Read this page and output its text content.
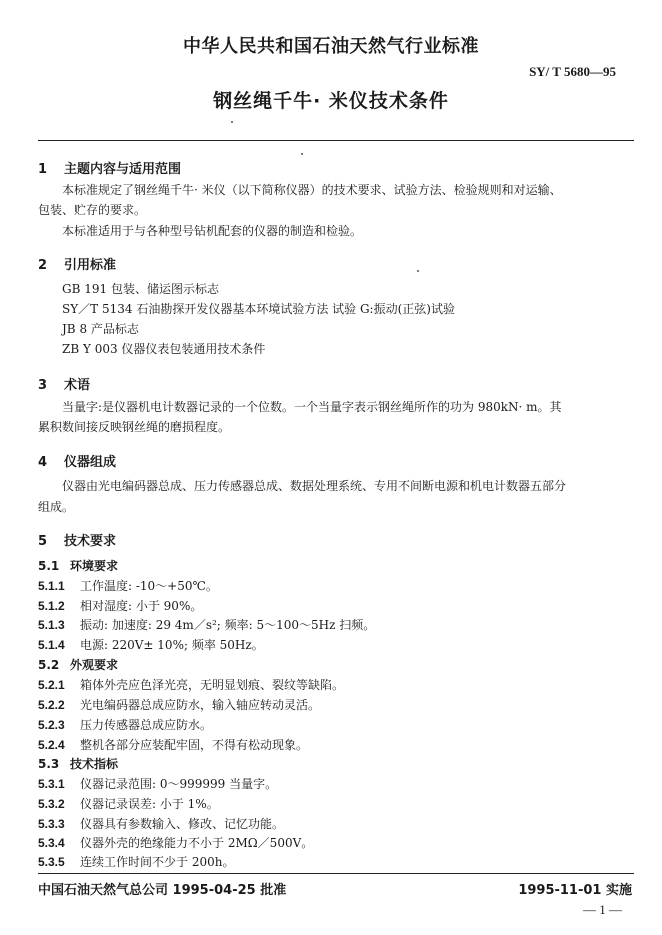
中华人民共和国石油天然气行业标准
SY/ T 5680—95
钢丝绳千牛· 米仪技术条件
1 主题内容与适用范围
本标准规定了钢丝绳千牛· 米仪（以下简称仪器）的技术要求、试验方法、检验规则和对运输、
包装、贮存的要求。
本标准适用于与各种型号钻机配套的仪器的制造和检验。
2 引用标准
GB 191 包装、储运图示标志
SY／T 5134 石油勘探开发仪器基本环境试验方法 试验 G:振动(正弦)试验
JB 8 产品标志
ZB Y 003 仪器仪表包装通用技术条件
3 术语
当量字:是仪器机电计数器记录的一个位数。一个当量字表示钢丝绳所作的功为 980kN· m。其
累积数间接反映钢丝绳的磨损程度。
4 仪器组成
仪器由光电编码器总成、压力传感器总成、数据处理系统、专用不间断电源和机电计数器五部分
组成。
5 技术要求
5.1 环境要求
5.1.1 工作温度: -10～+50℃。
5.1.2 相对湿度: 小于 90%。
5.1.3 振动: 加速度: 29 4m／s²; 频率: 5～100～5Hz 扫频。
5.1.4 电源: 220V± 10%; 频率 50Hz。
5.2 外观要求
5.2.1 箱体外壳应色泽光亮，无明显划痕、裂纹等缺陷。
5.2.2 光电编码器总成应防水，输入轴应转动灵活。
5.2.3 压力传感器总成应防水。
5.2.4 整机各部分应装配牢固，不得有松动现象。
5.3 技术指标
5.3.1 仪器记录范围: 0～999999 当量字。
5.3.2 仪器记录误差: 小于 1%。
5.3.3 仪器具有参数输入、修改、记忆功能。
5.3.4 仪器外壳的绝缘能力不小于 2MΩ／500V。
5.3.5 连续工作时间不少于 200h。
中国石油天然气总公司 1995-04-25 批准	1995-11-01 实施
— 1 —
